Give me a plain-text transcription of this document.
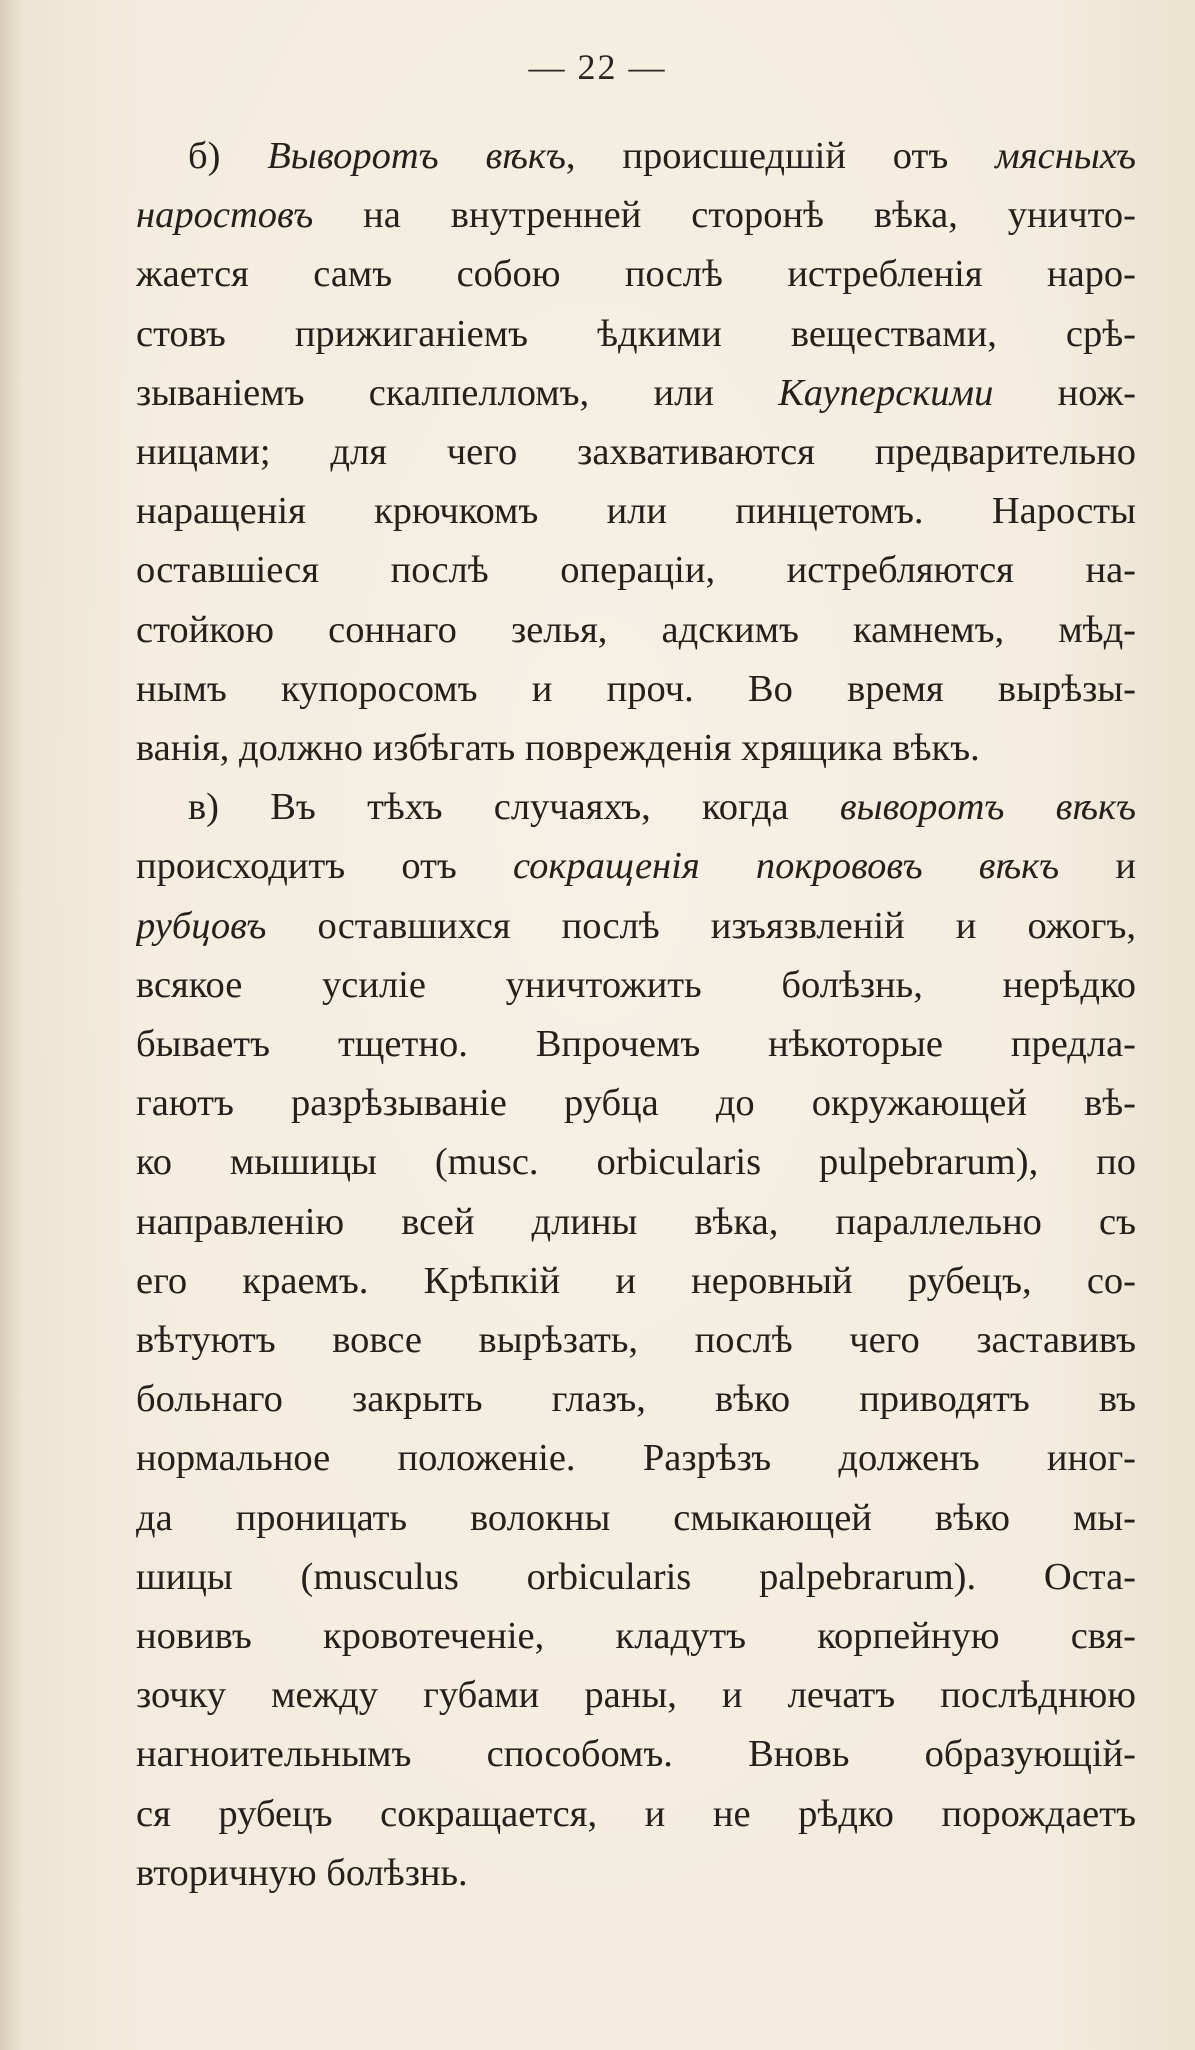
— 22 —
б) Выворотъ вѣкъ, происшедшій отъ мясныхъ
наростовъ на внутренней сторонѣ вѣка, уничто-
жается самъ собою послѣ истребленія наро-
стовъ прижиганіемъ ѣдкими веществами, срѣ-
зываніемъ скалпелломъ, или Кауперскими нож-
ницами; для чего захвативаются предварительно
наращенія крючкомъ или пинцетомъ. Наросты
оставшіеся послѣ операціи, истребляются на-
стойкою соннаго зелья, адскимъ камнемъ, мѣд-
нымъ купоросомъ и проч. Во время вырѣзы-
ванія, должно избѣгать поврежденія хрящика вѣкъ.
в) Въ тѣхъ случаяхъ, когда выворотъ вѣкъ
происходитъ отъ сокращенія покрововъ вѣкъ и
рубцовъ оставшихся послѣ изъязвленій и ожогъ,
всякое усиліе уничтожить болѣзнь, нерѣдко
бываетъ тщетно. Впрочемъ нѣкоторые предла-
гаютъ разрѣзываніе рубца до окружающей вѣ-
ко мышицы (musc. orbicularis pulpebrarum), по
направленію всей длины вѣка, параллельно съ
его краемъ. Крѣпкій и неровный рубецъ, со-
вѣтуютъ вовсе вырѣзать, послѣ чего заставивъ
больнаго закрыть глазъ, вѣко приводятъ въ
нормальное положеніе. Разрѣзъ долженъ иног-
да проницать волокны смыкающей вѣко мы-
шицы (musculus orbicularis palpebrarum). Оста-
новивъ кровотеченіе, кладутъ корпейную свя-
зочку между губами раны, и лечатъ послѣднюю
нагноительнымъ способомъ. Вновь образующій-
ся рубецъ сокращается, и не рѣдко порождаетъ
вторичную болѣзнь.
